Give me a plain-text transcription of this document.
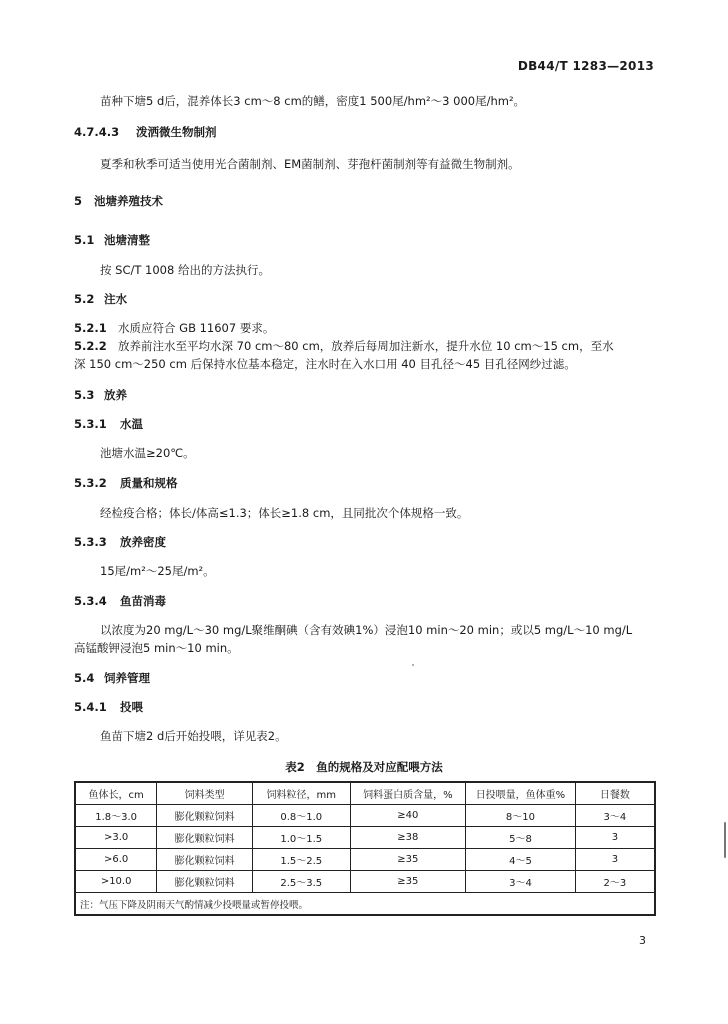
DB44/T 1283—2013
苗种下塘5 d后，混养体长3 cm～8 cm的鳝，密度1 500尾/hm²～3 000尾/hm²。
4.7.4.3 泼洒微生物制剂
夏季和秋季可适当使用光合菌制剂、EM菌制剂、芽孢杆菌制剂等有益微生物制剂。
5 池塘养殖技术
5.1 池塘清整
按 SC/T 1008 给出的方法执行。
5.2 注水
5.2.1 水质应符合 GB 11607 要求。
5.2.2 放养前注水至平均水深 70 cm～80 cm，放养后每周加注新水，提升水位 10 cm～15 cm，至水
深 150 cm～250 cm 后保持水位基本稳定，注水时在入水口用 40 目孔径～45 目孔径网纱过滤。
5.3 放养
5.3.1 水温
池塘水温≥20℃。
5.3.2 质量和规格
经检疫合格；体长/体高≤1.3；体长≥1.8 cm，且同批次个体规格一致。
5.3.3 放养密度
15尾/m²～25尾/m²。
5.3.4 鱼苗消毒
以浓度为20 mg/L～30 mg/L聚维酮碘（含有效碘1%）浸泡10 min～20 min；或以5 mg/L～10 mg/L
高锰酸钾浸泡5 min～10 min。
5.4 饲养管理
5.4.1 投喂
鱼苗下塘2 d后开始投喂，详见表2。
表2　鱼的规格及对应配喂方法
鱼体长，cm	饲料类型	饲料粒径，mm	饲料蛋白质含量，%	日投喂量，鱼体重%	日餐数
1.8～3.0	膨化颗粒饲料	0.8～1.0	≥40	8～10	3～4
>3.0	膨化颗粒饲料	1.0～1.5	≥38	5～8	3
>6.0	膨化颗粒饲料	1.5～2.5	≥35	4～5	3
>10.0	膨化颗粒饲料	2.5～3.5	≥35	3～4	2～3
注：气压下降及阴雨天气酌情减少投喂量或暂停投喂。					
3
